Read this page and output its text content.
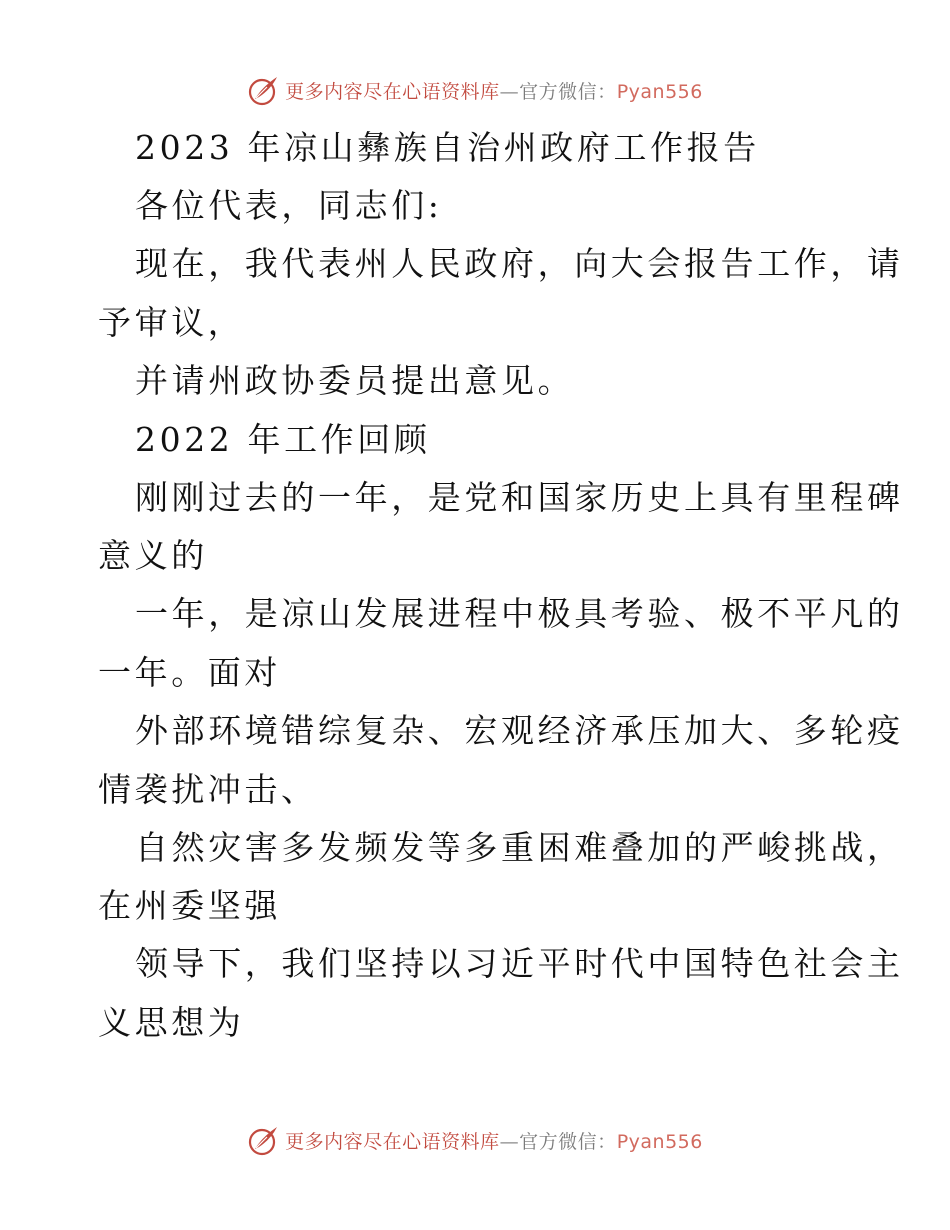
更多内容尽在心语资料库—官方微信：Pyan556
2023 年凉山彝族自治州政府工作报告
各位代表，同志们:
现在，我代表州人民政府，向大会报告工作，请
予审议，
并请州政协委员提出意见。
2022 年工作回顾
刚刚过去的一年，是党和国家历史上具有里程碑
意义的
一年，是凉山发展进程中极具考验、极不平凡的
一年。面对
外部环境错综复杂、宏观经济承压加大、多轮疫
情袭扰冲击、
自然灾害多发频发等多重困难叠加的严峻挑战，
在州委坚强
领导下，我们坚持以习近平时代中国特色社会主
义思想为
更多内容尽在心语资料库—官方微信：Pyan556
